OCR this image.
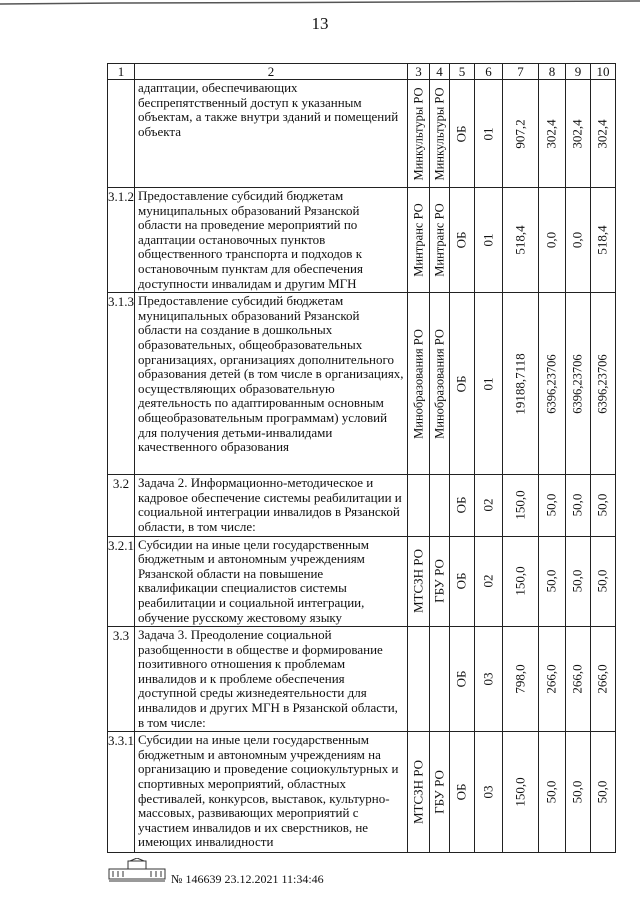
13
1	2	3	4	5	6	7	8	9	10
	адаптации, обеспечивающих беспрепятственный доступ к указанным объектам, а также внутри зданий и помещений объекта	Минкультуры РО	Минкультуры РО	ОБ	01	907,2	302,4	302,4	302,4

3.1.2	Предоставление субсидий бюджетам муниципальных образований Рязанской области на проведение мероприятий по адаптации остановочных пунктов общественного транспорта и подходов к остановочным пунктам для обеспечения доступности инвалидам и другим МГН	Минтранс РО	Минтранс РО	ОБ	01	518,4	0,0	0,0	518,4

3.1.3	Предоставление субсидий бюджетам муниципальных образований Рязанской области на создание в дошкольных образовательных, общеобразовательных организациях, организациях дополнительного образования детей (в том числе в организациях, осуществляющих образовательную деятельность по адаптированным основным общеобразовательным программам) условий для получения детьми-инвалидами качественного образования	Минобразования РО	Минобразования РО	ОБ	01	19188,7118	6396,23706	6396,23706	6396,23706

3.2	Задача 2. Информационно-методическое и кадровое обеспечение системы реабилитации и социальной интеграции инвалидов в Рязанской области, в том числе:			ОБ	02	150,0	50,0	50,0	50,0

3.2.1	Субсидии на иные цели государственным бюджетным и автономным учреждениям Рязанской области на повышение квалификации специалистов системы реабилитации и социальной интеграции, обучение русскому жестовому языку	МТСЗН РО	ГБУ РО	ОБ	02	150,0	50,0	50,0	50,0

3.3	Задача 3. Преодоление социальной разобщенности в обществе и формирование позитивного отношения к проблемам инвалидов и к проблеме обеспечения доступной среды жизнедеятельности для инвалидов и других МГН в Рязанской области, в том числе:			ОБ	03	798,0	266,0	266,0	266,0

3.3.1	Субсидии на иные цели государственным бюджетным и автономным учреждениям на организацию и проведение социокультурных и спортивных мероприятий, областных фестивалей, конкурсов, выставок, культурно-массовых, развивающих мероприятий с участием инвалидов и их сверстников, не имеющих инвалидности	МТСЗН РО	ГБУ РО	ОБ	03	150,0	50,0	50,0	50,0
№ 146639 23.12.2021 11:34:46
